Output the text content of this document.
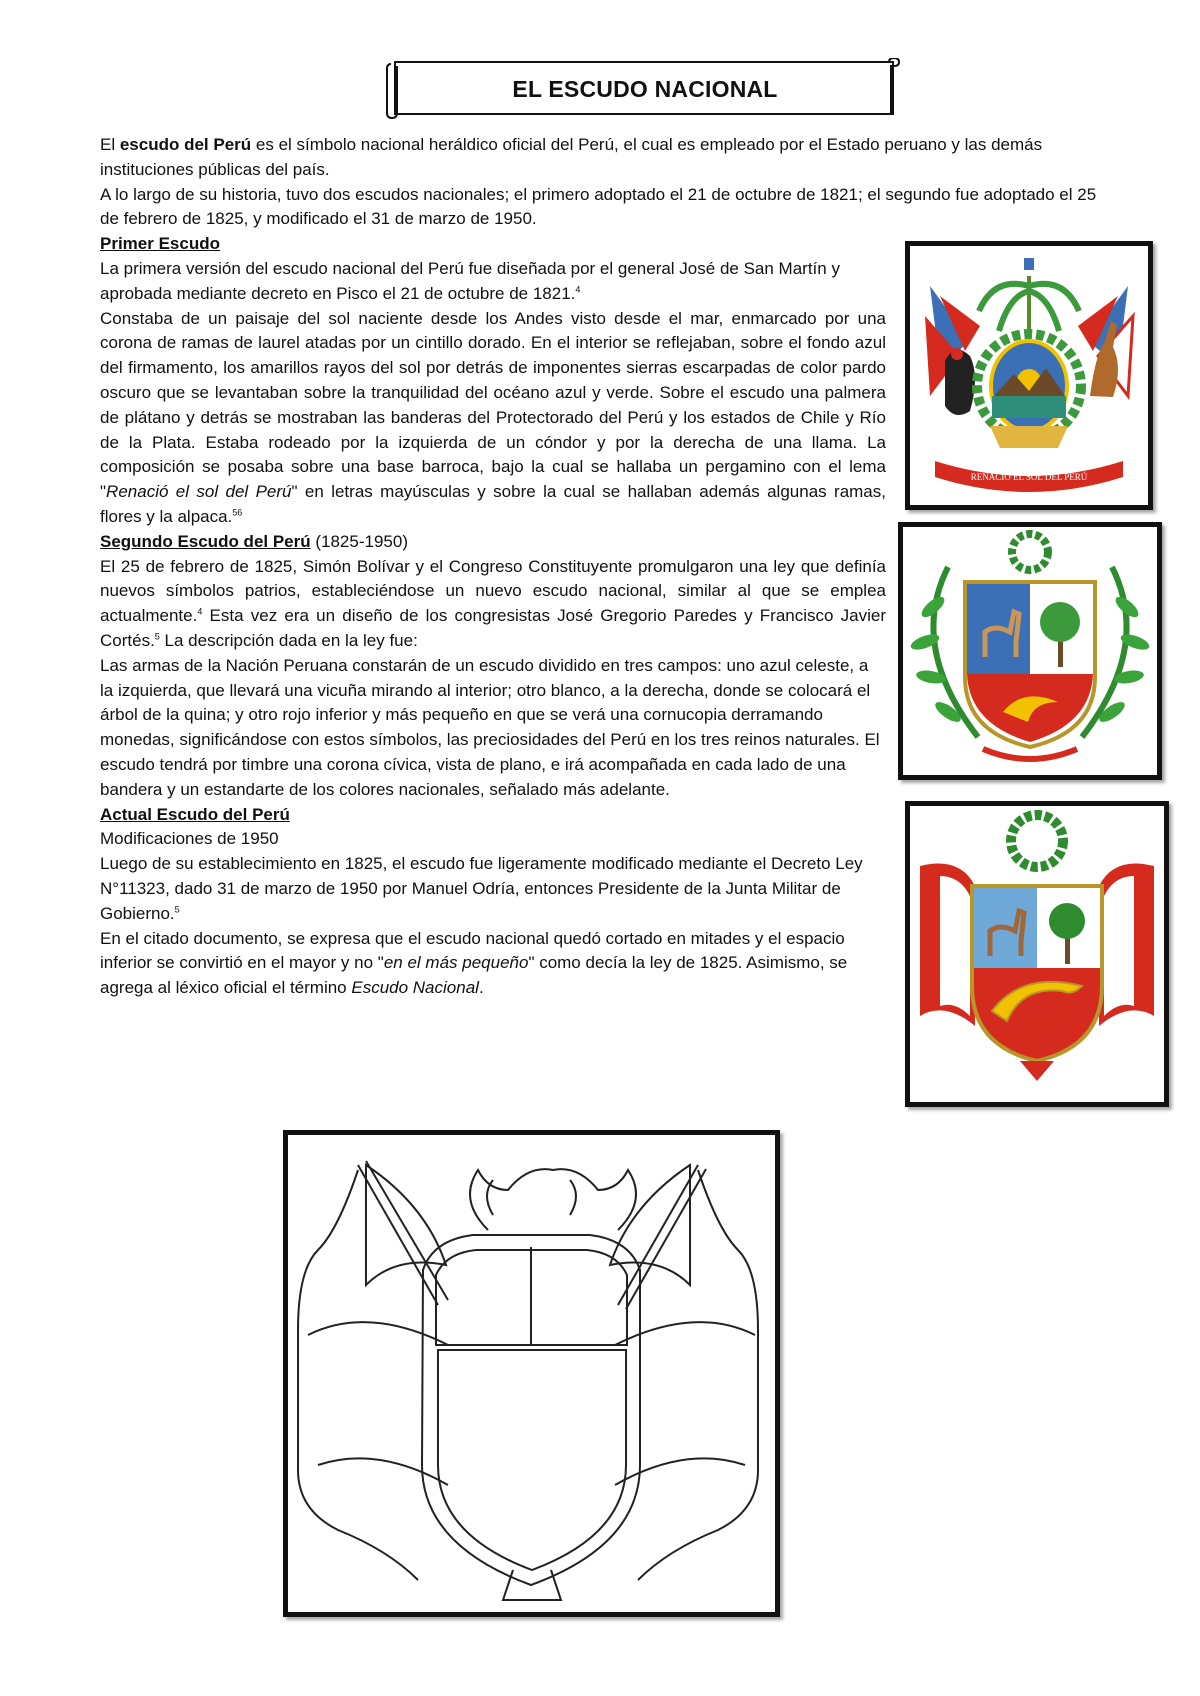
EL ESCUDO NACIONAL

El escudo del Perú es el símbolo nacional heráldico oficial del Perú, el cual es empleado por el Estado peruano y las demás instituciones públicas del país.

A lo largo de su historia, tuvo dos escudos nacionales; el primero adoptado el 21 de octubre de 1821; el segundo fue adoptado el 25 de febrero de 1825, y modificado el 31 de marzo de 1950.

Primer Escudo

La primera versión del escudo nacional del Perú fue diseñada por el general José de San Martín y aprobada mediante decreto en Pisco el 21 de octubre de 1821.$^4$

Constaba de un paisaje del sol naciente desde los Andes visto desde el mar, enmarcado por una corona de ramas de laurel atadas por un cintillo dorado. En el interior se reflejaban, sobre el fondo azul del firmamento, los amarillos rayos del sol por detrás de imponentes sierras escarpadas de color pardo oscuro que se levantaban sobre la tranquilidad del océano azul y verde. Sobre el escudo una palmera de plátano y detrás se mostraban las banderas del Protectorado del Perú y los estados de Chile y Río de la Plata. Estaba rodeado por la izquierda de un cóndor y por la derecha de una llama. La composición se posaba sobre una base barroca, bajo la cual se hallaba un pergamino con el lema "Renació el sol del Perú" en letras mayúsculas y sobre la cual se hallaban además algunas ramas, flores y la alpaca.$^{56}$

Segundo Escudo del Perú (1825-1950)

El 25 de febrero de 1825, Simón Bolívar y el Congreso Constituyente promulgaron una ley que definía nuevos símbolos patrios, estableciéndose un nuevo escudo nacional, similar al que se emplea actualmente.$^4$ Esta vez era un diseño de los congresistas José Gregorio Paredes y Francisco Javier Cortés.$^5$ La descripción dada en la ley fue:

Las armas de la Nación Peruana constarán de un escudo dividido en tres campos: uno azul celeste, a la izquierda, que llevará una vicuña mirando al interior; otro blanco, a la derecha, donde se colocará el árbol de la quina; y otro rojo inferior y más pequeño en que se verá una cornucopia derramando monedas, significándose con estos símbolos, las preciosidades del Perú en los tres reinos naturales. El escudo tendrá por timbre una corona cívica, vista de plano, e irá acompañada en cada lado de una bandera y un estandarte de los colores nacionales, señalado más adelante.

Actual Escudo del Perú

Modificaciones de 1950

Luego de su establecimiento en 1825, el escudo fue ligeramente modificado mediante el Decreto Ley N°11323, dado 31 de marzo de 1950 por Manuel Odría, entonces Presidente de la Junta Militar de Gobierno.$^5$

En el citado documento, se expresa que el escudo nacional quedó cortado en mitades y el espacio inferior se convirtió en el mayor y no "en el más pequeño" como decía la ley de 1825. Asimismo, se agrega al léxico oficial el término Escudo Nacional.

RENACIÓ EL SOL DEL PERÚ
